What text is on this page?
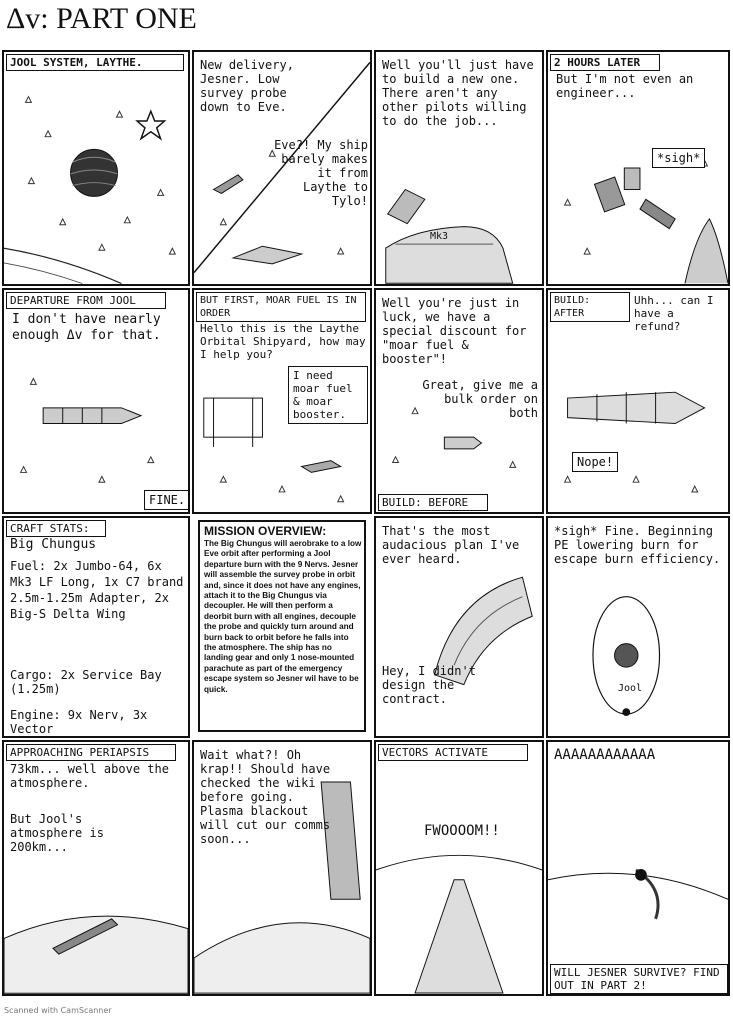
Δv: PART ONE
JOOL SYSTEM, LAYTHE.	New delivery, Jesner. Low survey probe down to Eve.
Eve?! My ship barely makes it from Laythe to Tylo!
Well you'll just have to build a new one. There aren't any other pilots willing to do the job...
Mk3
2 HOURS LATER
But I'm not even an engineer...
*sigh*
DEPARTURE FROM JOOL
I don't have nearly enough Δv for that.
FINE.
BUT FIRST, MOAR FUEL IS IN ORDER
Hello this is the Laythe Orbital Shipyard, how may I help you?
I need moar fuel & moar booster.
Well you're just in luck, we have a special discount for "moar fuel & booster"!
Great, give me a bulk order on both
BUILD: BEFORE
BUILD: AFTER
Uhh... can I have a refund?
Nope!
CRAFT STATS:
Big Chungus
Fuel: 2x Jumbo-64, 6x Mk3 LF Long, 1x C7 brand 2.5m-1.25m Adapter, 2x Big-S Delta Wing
Cargo: 2x Service Bay (1.25m)
Engine: 9x Nerv, 3x Vector
MISSION OVERVIEW:
The Big Chungus will aerobrake to a low Eve orbit after performing a Jool departure burn with the 9 Nervs. Jesner will assemble the survey probe in orbit and, since it does not have any engines, attach it to the Big Chungus via decoupler. He will then perform a deorbit burn with all engines, decouple the probe and quickly turn around and burn back to orbit before he falls into the atmosphere. The ship has no landing gear and only 1 nose-mounted parachute as part of the emergency escape system so Jesner wil have to be quick.
That's the most audacious plan I've ever heard.
Hey, I didn't design the contract.
*sigh* Fine. Beginning PE lowering burn for escape burn efficiency.
Jool
APPROACHING PERIAPSIS
73km... well above the atmosphere.
But Jool's atmosphere is 200km...
Wait what?! Oh krap!! Should have checked the wiki before going. Plasma blackout will cut our comms soon...
VECTORS ACTIVATE
FWOOOOM!!
AAAAAAAAAAAA
WILL JESNER SURVIVE? FIND OUT IN PART 2!
Scanned with CamScanner
